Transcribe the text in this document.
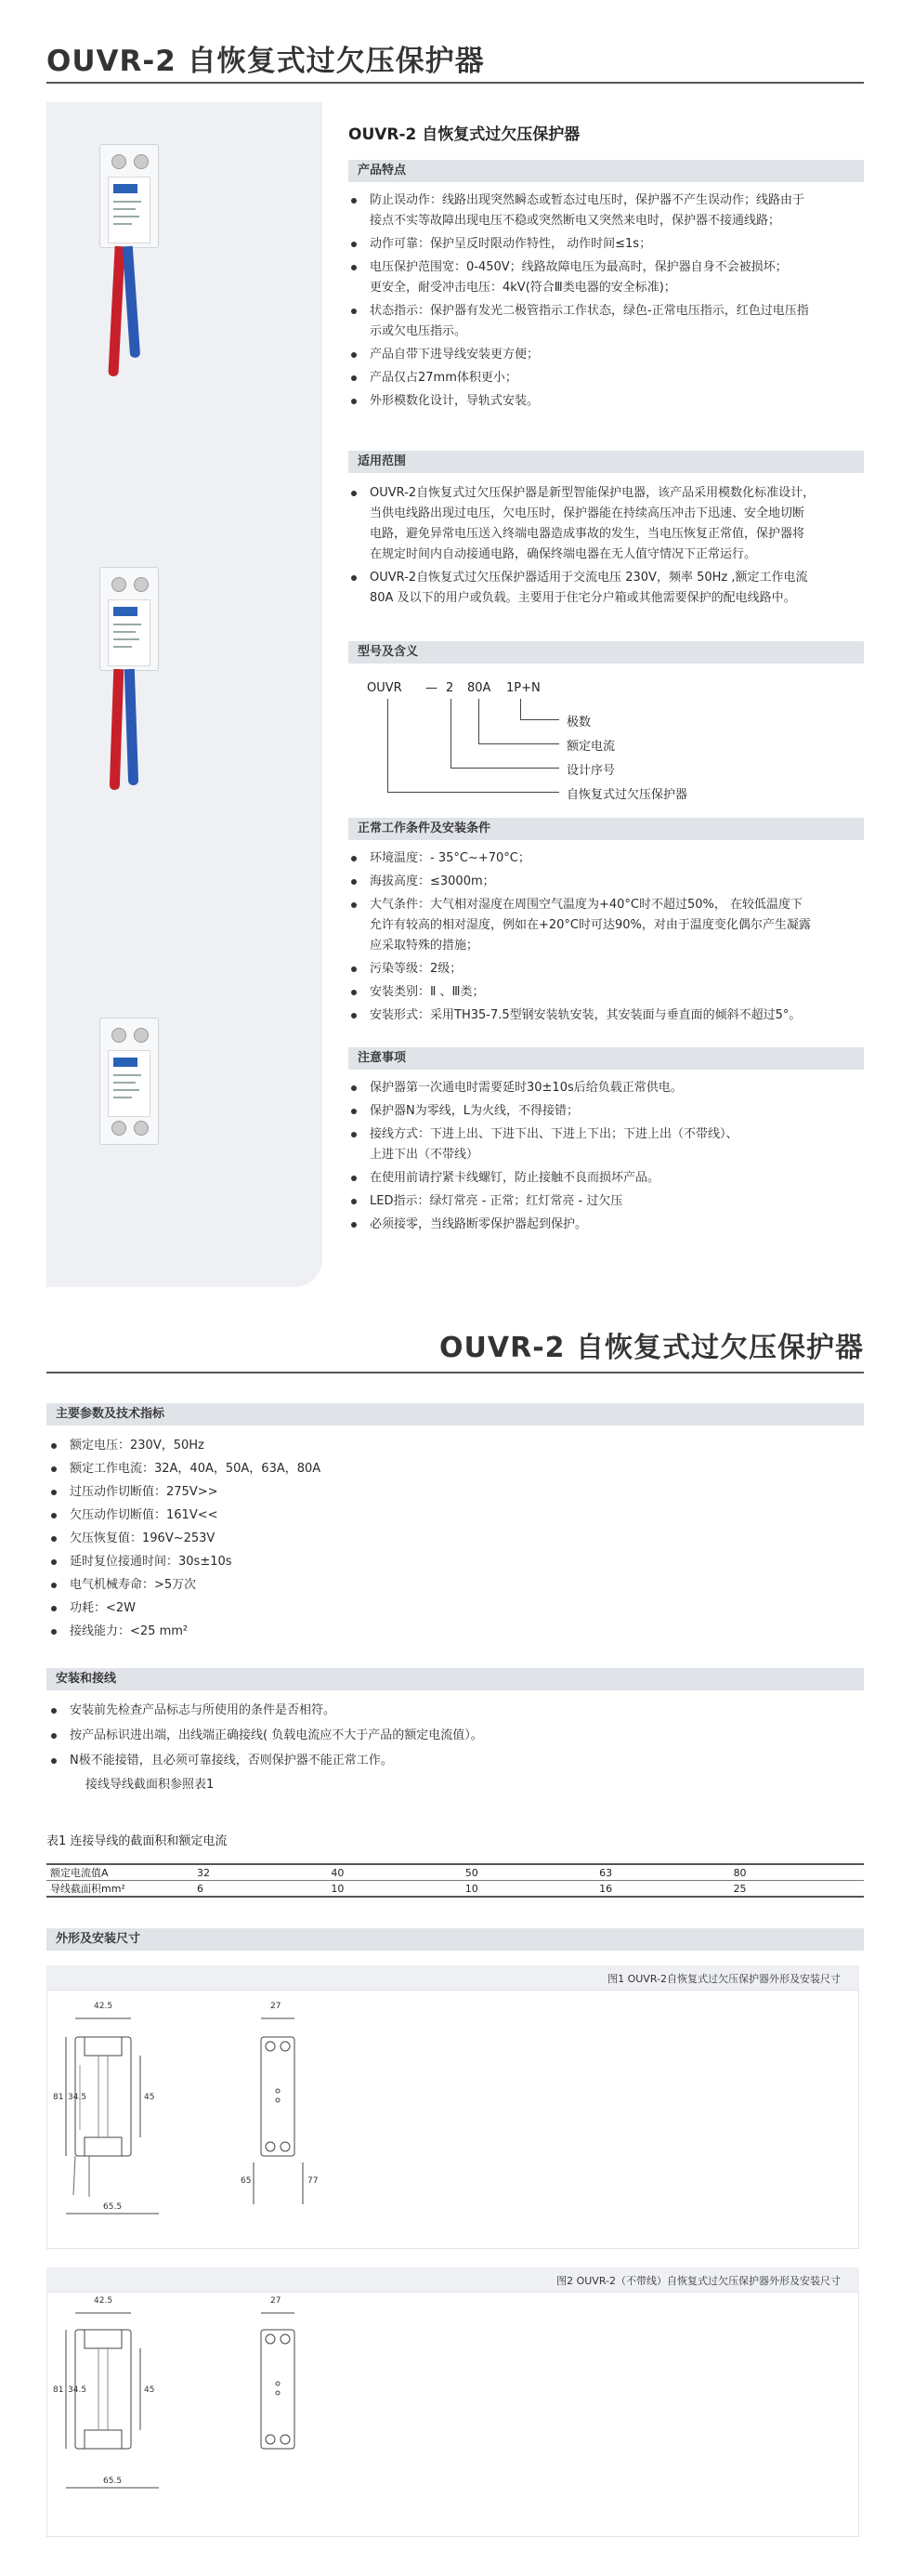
OUVR-2 自恢复式过欠压保护器
OUVR-2 自恢复式过欠压保护器
产品特点
防止误动作：线路出现突然瞬态或暂态过电压时，保护器不产生误动作；线路由于
接点不实等故障出现电压不稳或突然断电又突然来电时，保护器不接通线路；
动作可靠：保护呈反时限动作特性， 动作时间≤1s；
电压保护范围宽：0-450V；线路故障电压为最高时，保护器自身不会被损坏；
更安全，耐受冲击电压：4kV(符合Ⅲ类电器的安全标准)；
状态指示：保护器有发光二极管指示工作状态，绿色-正常电压指示，红色过电压指
示或欠电压指示。
产品自带下进导线安装更方便；
产品仅占27mm体积更小；
外形模数化设计，导轨式安装。
适用范围
OUVR-2自恢复式过欠压保护器是新型智能保护电器，该产品采用模数化标准设计，
当供电线路出现过电压，欠电压时，保护器能在持续高压冲击下迅速、安全地切断
电路，避免异常电压送入终端电器造成事故的发生，当电压恢复正常值，保护器将
在规定时间内自动接通电路，确保终端电器在无人值守情况下正常运行。
OUVR-2自恢复式过欠压保护器适用于交流电压 230V，频率 50Hz ,额定工作电流
80A 及以下的用户或负载。主要用于住宅分户箱或其他需要保护的配电线路中。
型号及含义
OUVR — 2 80A 1P+N
极数
额定电流
设计序号
自恢复式过欠压保护器
正常工作条件及安装条件
环境温度：- 35°C~+70°C；
海拔高度：≤3000m；
大气条件：大气相对湿度在周围空气温度为+40°C时不超过50%， 在较低温度下
允许有较高的相对湿度，例如在+20°C时可达90%，对由于温度变化偶尔产生凝露
应采取特殊的措施；
污染等级：2级；
安装类别：Ⅱ 、Ⅲ类；
安装形式：采用TH35-7.5型钢安装轨安装，其安装面与垂直面的倾斜不超过5°。
注意事项
保护器第一次通电时需要延时30±10s后给负载正常供电。
保护器N为零线，L为火线，不得接错；
接线方式：下进上出、下进下出、下进上下出；下进上出（不带线）、
上进下出（不带线）
在使用前请拧紧卡线螺钉，防止接触不良而损坏产品。
LED指示：绿灯常亮 - 正常；红灯常亮 - 过欠压
必须接零，当线路断零保护器起到保护。
OUVR-2 自恢复式过欠压保护器
主要参数及技术指标
额定电压：230V，50Hz
额定工作电流：32A，40A，50A，63A，80A
过压动作切断值：275V>>
欠压动作切断值：161V<<
欠压恢复值：196V~253V
延时复位接通时间：30s±10s
电气机械寿命：>5万次
功耗：<2W
接线能力：<25 mm²
安装和接线
安装前先检查产品标志与所使用的条件是否相符。
按产品标识进出端，出线端正确接线( 负载电流应不大于产品的额定电流值）。
N极不能接错，且必须可靠接线，否则保护器不能正常工作。
接线导线截面积参照表1
表1 连接导线的截面积和额定电流
额定电流值A	32	40	50	63	80
导线截面积mm²	6	10	10	16	25
外形及安装尺寸
图1 OUVR-2自恢复式过欠压保护器外形及安装尺寸
42.5	27
81 34.5	45
65	77
65.5
图2 OUVR-2（不带线）自恢复式过欠压保护器外形及安装尺寸
42.5	27
81 34.5	45
65.5
